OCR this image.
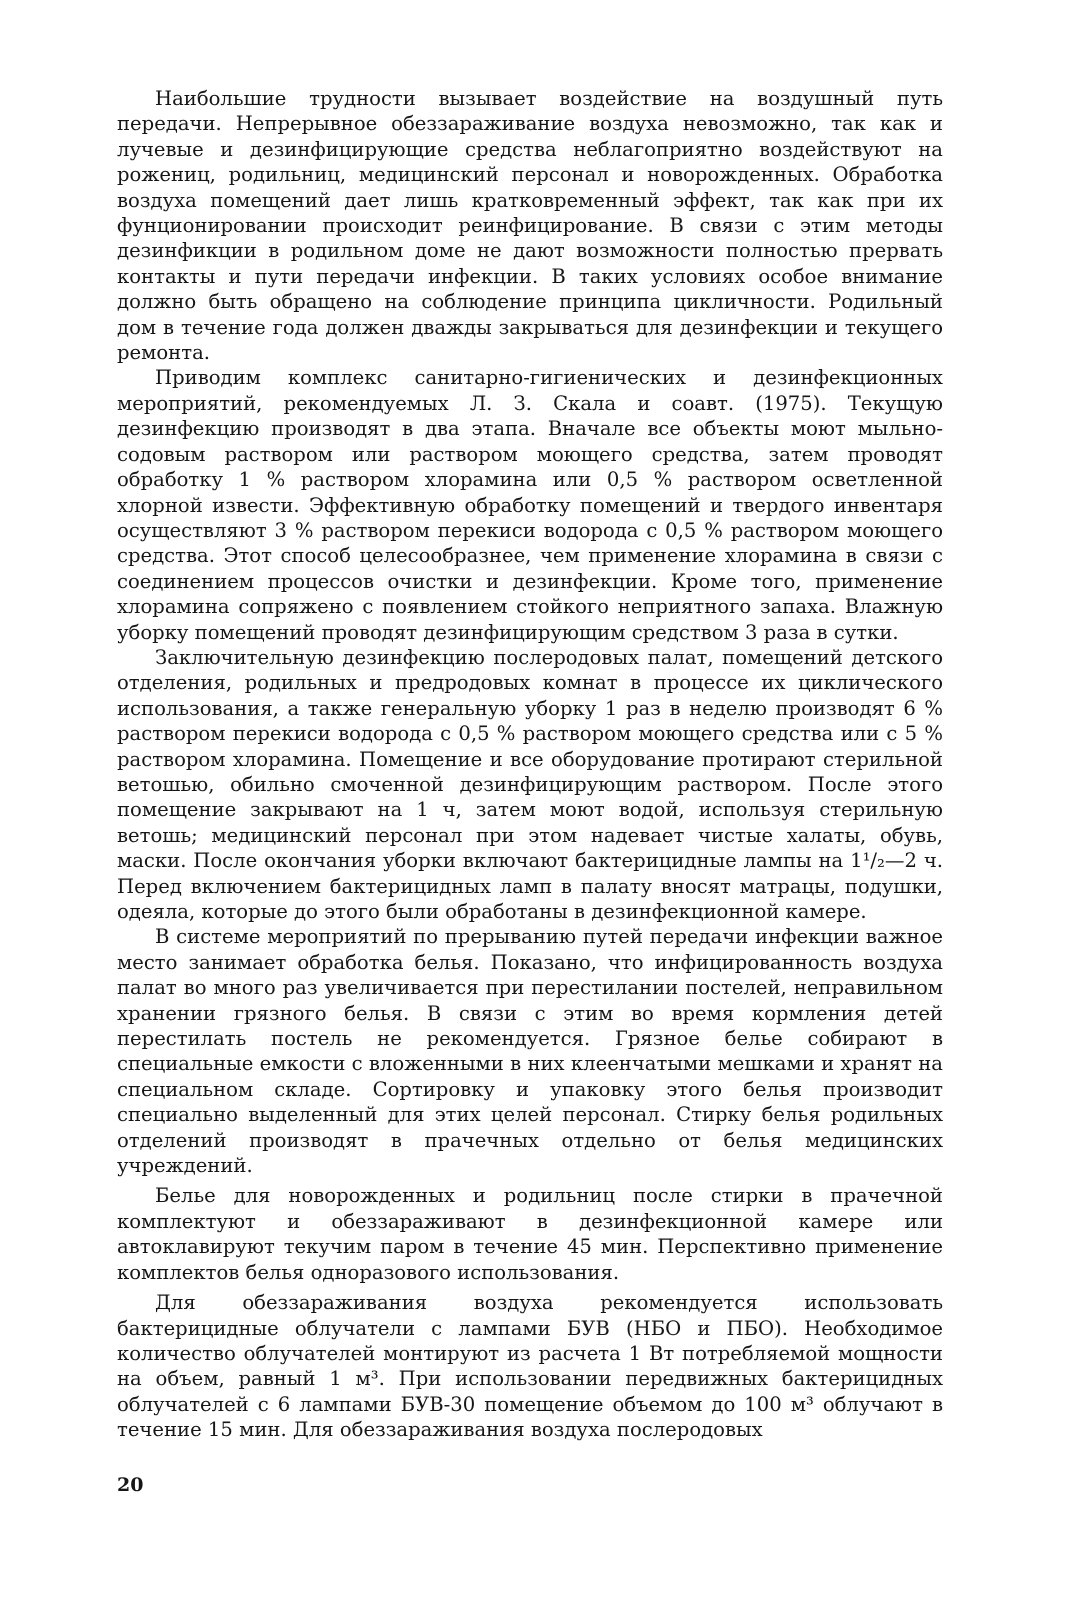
Наибольшие трудности вызывает воздействие на воздушный путь передачи. Непрерывное обеззараживание воздуха невозможно, так как и лучевые и дезинфицирующие средства неблагоприятно воздействуют на рожениц, родильниц, медицинский персонал и новорожденных. Обработка воздуха помещений дает лишь кратковременный эффект, так как при их фунционировании происходит реинфицирование. В связи с этим методы дезинфикции в родильном доме не дают возможности полностью прервать контакты и пути передачи инфекции. В таких условиях особое внимание должно быть обращено на соблюдение принципа цикличности. Родильный дом в течение года должен дважды закрываться для дезинфекции и текущего ремонта.

Приводим комплекс санитарно-гигиенических и дезинфекционных мероприятий, рекомендуемых Л. З. Скала и соавт. (1975). Текущую дезинфекцию производят в два этапа. Вначале все объекты моют мыльно-содовым раствором или раствором моющего средства, затем проводят обработку 1 % раствором хлорамина или 0,5 % раствором осветленной хлорной извести. Эффективную обработку помещений и твердого инвентаря осуществляют 3 % раствором перекиси водорода с 0,5 % раствором моющего средства. Этот способ целесообразнее, чем применение хлорамина в связи с соединением процессов очистки и дезинфекции. Кроме того, применение хлорамина сопряжено с появлением стойкого неприятного запаха. Влажную уборку помещений проводят дезинфицирующим средством 3 раза в сутки.

Заключительную дезинфекцию послеродовых палат, помещений детского отделения, родильных и предродовых комнат в процессе их циклического использования, а также генеральную уборку 1 раз в неделю производят 6 % раствором перекиси водорода с 0,5 % раствором моющего средства или с 5 % раствором хлорамина. Помещение и все оборудование протирают стерильной ветошью, обильно смоченной дезинфицирующим раствором. После этого помещение закрывают на 1 ч, затем моют водой, используя стерильную ветошь; медицинский персонал при этом надевает чистые халаты, обувь, маски. После окончания уборки включают бактерицидные лампы на 1¹/₂—2 ч. Перед включением бактерицидных ламп в палату вносят матрацы, подушки, одеяла, которые до этого были обработаны в дезинфекционной камере.

В системе мероприятий по прерыванию путей передачи инфекции важное место занимает обработка белья. Показано, что инфицированность воздуха палат во много раз увеличивается при перестилании постелей, неправильном хранении грязного белья. В связи с этим во время кормления детей перестилать постель не рекомендуется. Грязное белье собирают в специальные емкости с вложенными в них клеенчатыми мешками и хранят на специальном складе. Сортировку и упаковку этого белья производит специально выделенный для этих целей персонал. Стирку белья родильных отделений производят в прачечных отдельно от белья медицинских учреждений.

Белье для новорожденных и родильниц после стирки в прачечной комплектуют и обеззараживают в дезинфекционной камере или автоклавируют текучим паром в течение 45 мин. Перспективно применение комплектов белья одноразового использования.

Для обеззараживания воздуха рекомендуется использовать бактерицидные облучатели с лампами БУВ (НБО и ПБО). Необходимое количество облучателей монтируют из расчета 1 Вт потребляемой мощности на объем, равный 1 м³. При использовании передвижных бактерицидных облучателей с 6 лампами БУВ-30 помещение объемом до 100 м³ облучают в течение 15 мин. Для обеззараживания воздуха послеродовых

20
